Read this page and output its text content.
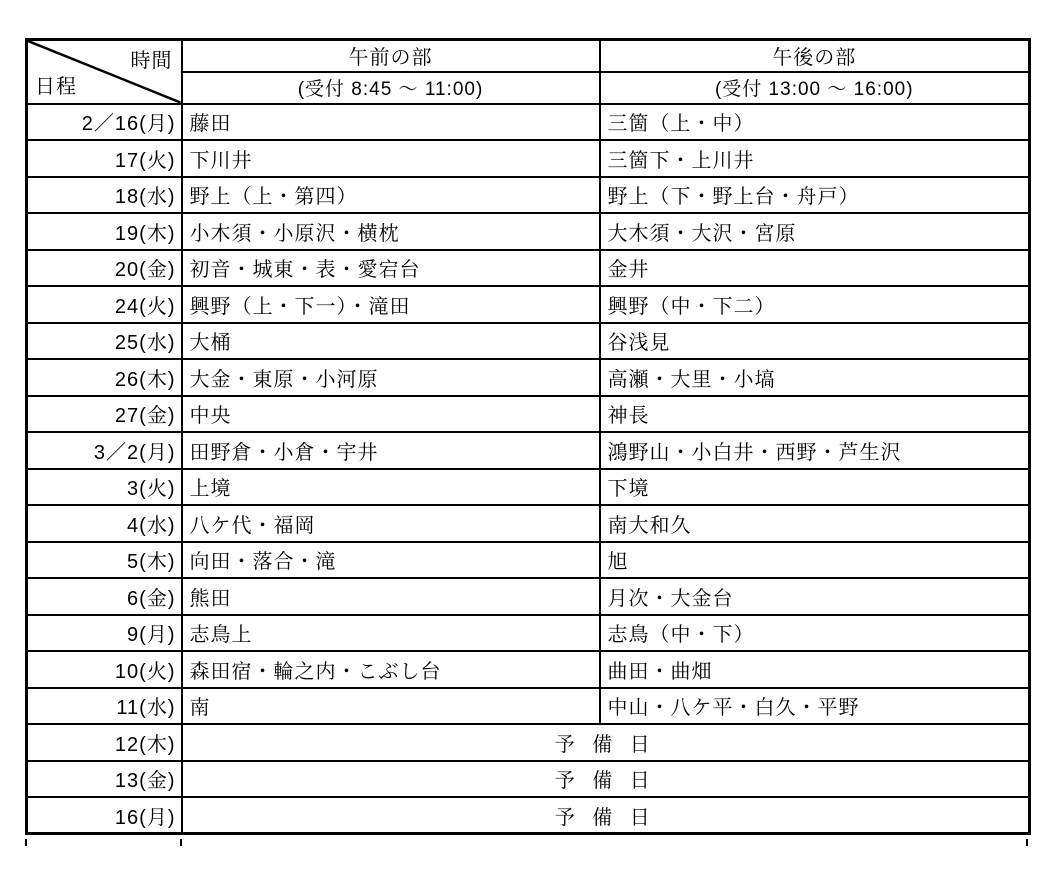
時間
日程	午前の部	午後の部
	(受付 8:45 ～ 11:00)	(受付 13:00 ～ 16:00)
2／16(月)	藤田	三箇（上・中）
17(火)	下川井	三箇下・上川井
18(水)	野上（上・第四）	野上（下・野上台・舟戸）
19(木)	小木須・小原沢・横枕	大木須・大沢・宮原
20(金)	初音・城東・表・愛宕台	金井
24(火)	興野（上・下一）・滝田	興野（中・下二）
25(水)	大桶	谷浅見
26(木)	大金・東原・小河原	高瀬・大里・小塙
27(金)	中央	神長
3／2(月)	田野倉・小倉・宇井	鴻野山・小白井・西野・芦生沢
3(火)	上境	下境
4(水)	八ケ代・福岡	南大和久
5(木)	向田・落合・滝	旭
6(金)	熊田	月次・大金台
9(月)	志鳥上	志鳥（中・下）
10(火)	森田宿・輪之内・こぶし台	曲田・曲畑
11(水)	南	中山・八ケ平・白久・平野
12(木)	予 備 日	
13(金)	予 備 日	
16(月)	予 備 日	
